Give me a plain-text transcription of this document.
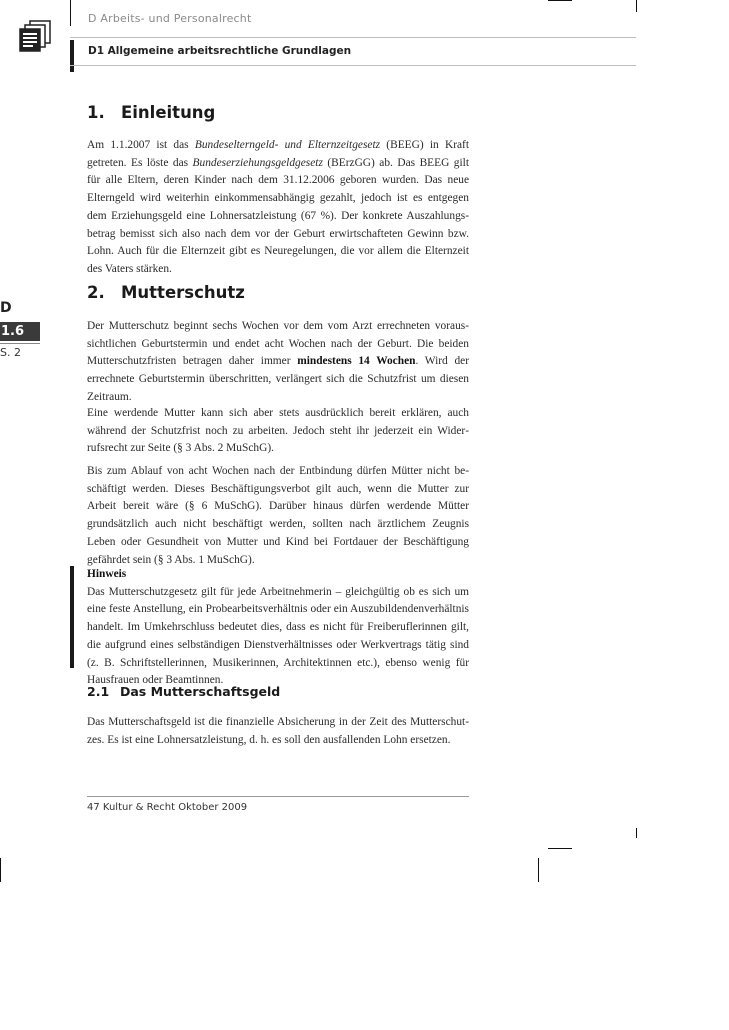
D Arbeits- und Personalrecht
D1 Allgemeine arbeitsrechtliche Grundlagen
D
1.6
S. 2
1. Einleitung
Am 1.1.2007 ist das Bundeselterngeld- und Elternzeitgesetz (BEEG) in Kraft getreten. Es löste das Bundeserziehungsgeldgesetz (BErzGG) ab. Das BEEG gilt für alle Eltern, deren Kinder nach dem 31.12.2006 geboren wurden. Das neue Elterngeld wird weiterhin einkommensabhängig gezahlt, jedoch ist es entgegen dem Erziehungsgeld eine Lohnersatzleistung (67 %). Der konkrete Auszahlungsbetrag bemisst sich also nach dem vor der Geburt erwirtschafteten Gewinn bzw. Lohn. Auch für die Elternzeit gibt es Neuregelungen, die vor allem die Elternzeit des Vaters stärken.
2. Mutterschutz
Der Mutterschutz beginnt sechs Wochen vor dem vom Arzt errechneten voraussichtlichen Geburtstermin und endet acht Wochen nach der Geburt. Die beiden Mutterschutzfristen betragen daher immer mindestens 14 Wochen. Wird der errechnete Geburtstermin überschritten, verlängert sich die Schutzfrist um diesen Zeitraum.
Eine werdende Mutter kann sich aber stets ausdrücklich bereit erklären, auch während der Schutzfrist noch zu arbeiten. Jedoch steht ihr jederzeit ein Widerrufsrecht zur Seite (§ 3 Abs. 2 MuSchG).
Bis zum Ablauf von acht Wochen nach der Entbindung dürfen Mütter nicht beschäftigt werden. Dieses Beschäftigungsverbot gilt auch, wenn die Mutter zur Arbeit bereit wäre (§ 6 MuSchG). Darüber hinaus dürfen werdende Mütter grundsätzlich auch nicht beschäftigt werden, sollten nach ärztlichem Zeugnis Leben oder Gesundheit von Mutter und Kind bei Fortdauer der Beschäftigung gefährdet sein (§ 3 Abs. 1 MuSchG).
Hinweis
Das Mutterschutzgesetz gilt für jede Arbeitnehmerin – gleichgültig ob es sich um eine feste Anstellung, ein Probearbeitsverhältnis oder ein Auszubildendenverhältnis handelt. Im Umkehrschluss bedeutet dies, dass es nicht für Freiberuflerinnen gilt, die aufgrund eines selbständigen Dienstverhältnisses oder Werkvertrags tätig sind (z. B. Schriftstellerinnen, Musikerinnen, Architektinnen etc.), ebenso wenig für Hausfrauen oder Beamtinnen.
2.1 Das Mutterschaftsgeld
Das Mutterschaftsgeld ist die finanzielle Absicherung in der Zeit des Mutterschutzes. Es ist eine Lohnersatzleistung, d. h. es soll den ausfallenden Lohn ersetzen.
47 Kultur & Recht Oktober 2009
